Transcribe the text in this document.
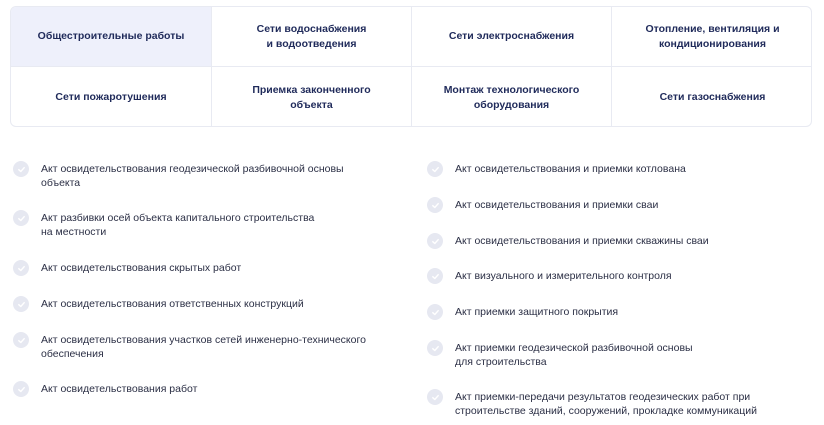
Общестроительные работы
Сети водоснабжения
и водоотведения
Сети электроснабжения
Отопление, вентиляция и
кондиционирования
Сети пожаротушения
Приемка законченного
объекта
Монтаж технологического
оборудования
Сети газоснабжения
Акт освидетельствования геодезической разбивочной основы
объекта
Акт разбивки осей объекта капитального строительства
на местности
Акт освидетельствования скрытых работ
Акт освидетельствования ответственных конструкций
Акт освидетельствования участков сетей инженерно-технического
обеспечения
Акт освидетельствования работ
Акт освидетельствования и приемки котлована
Акт освидетельствования и приемки сваи
Акт освидетельствования и приемки скважины сваи
Акт визуального и измерительного контроля
Акт приемки защитного покрытия
Акт приемки геодезической разбивочной основы
для строительства
Акт приемки-передачи результатов геодезических работ при
строительстве зданий, сооружений, прокладке коммуникаций
